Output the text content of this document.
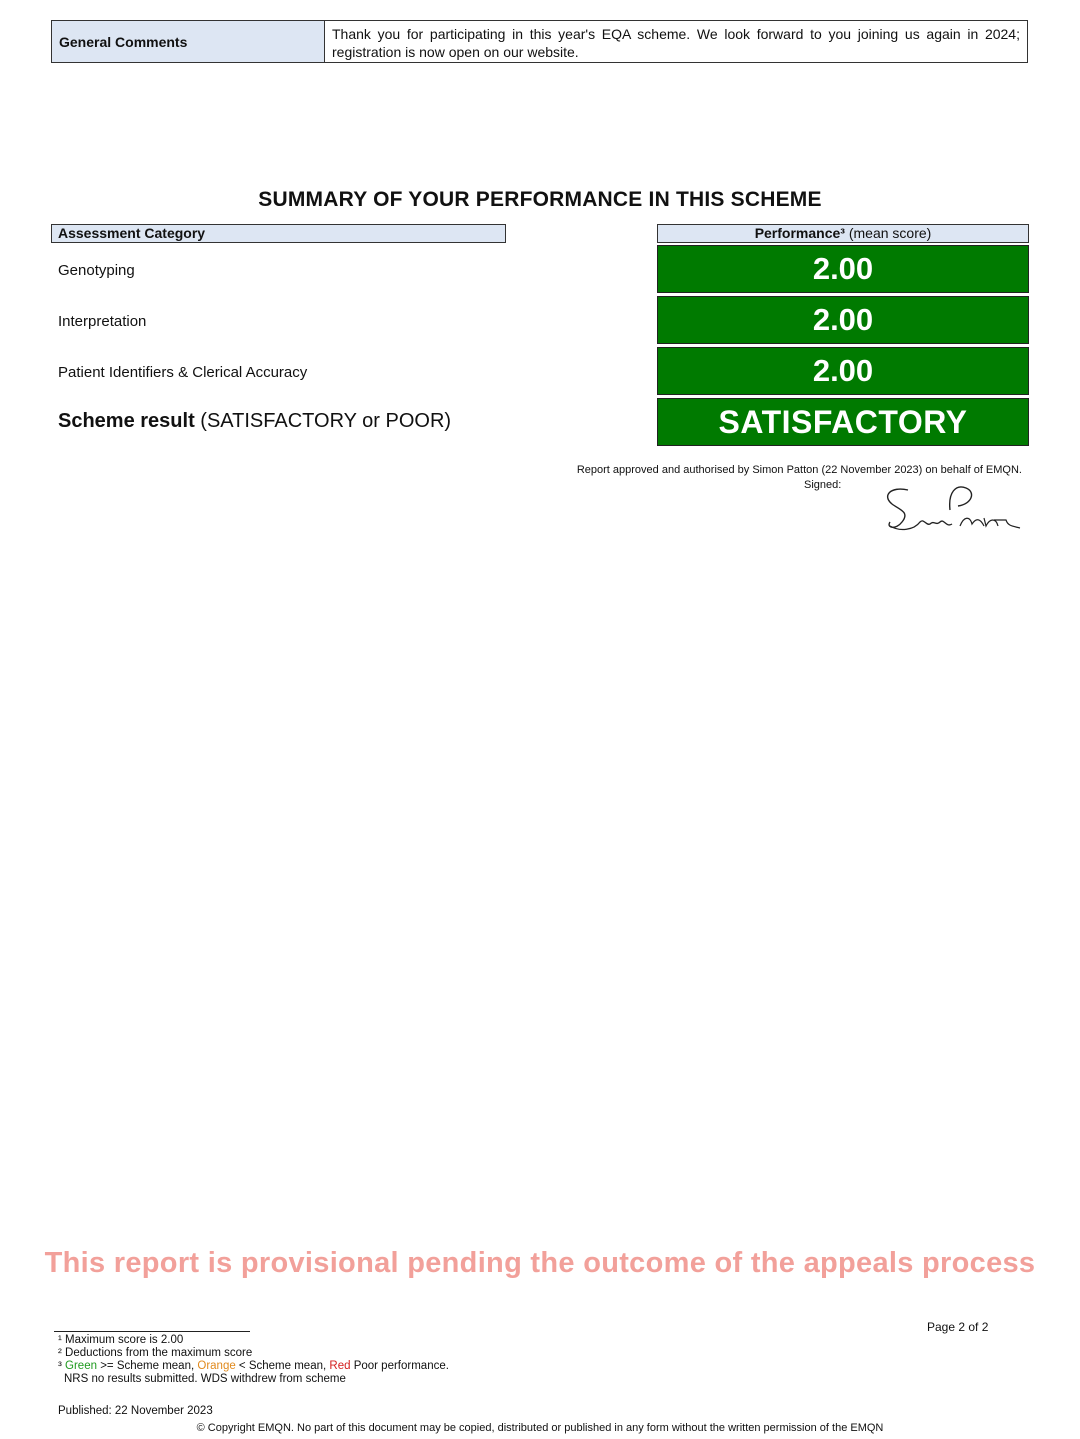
General Comments	Thank you for participating in this year's EQA scheme. We look forward to you joining us again in 2024; registration is now open on our website.
SUMMARY OF YOUR PERFORMANCE IN THIS SCHEME
Assessment Category	Performance³ (mean score)
Genotyping	2.00
Interpretation	2.00
Patient Identifiers & Clerical Accuracy	2.00
Scheme result (SATISFACTORY or POOR)	SATISFACTORY
Report approved and authorised by Simon Patton (22 November 2023) on behalf of EMQN.
Signed:
This report is provisional pending the outcome of the appeals process
Page 2 of 2
¹ Maximum score is 2.00
² Deductions from the maximum score
³ Green >= Scheme mean, Orange < Scheme mean, Red Poor performance.
NRS no results submitted. WDS withdrew from scheme
Published: 22 November 2023
© Copyright EMQN. No part of this document may be copied, distributed or published in any form without the written permission of the EMQN
